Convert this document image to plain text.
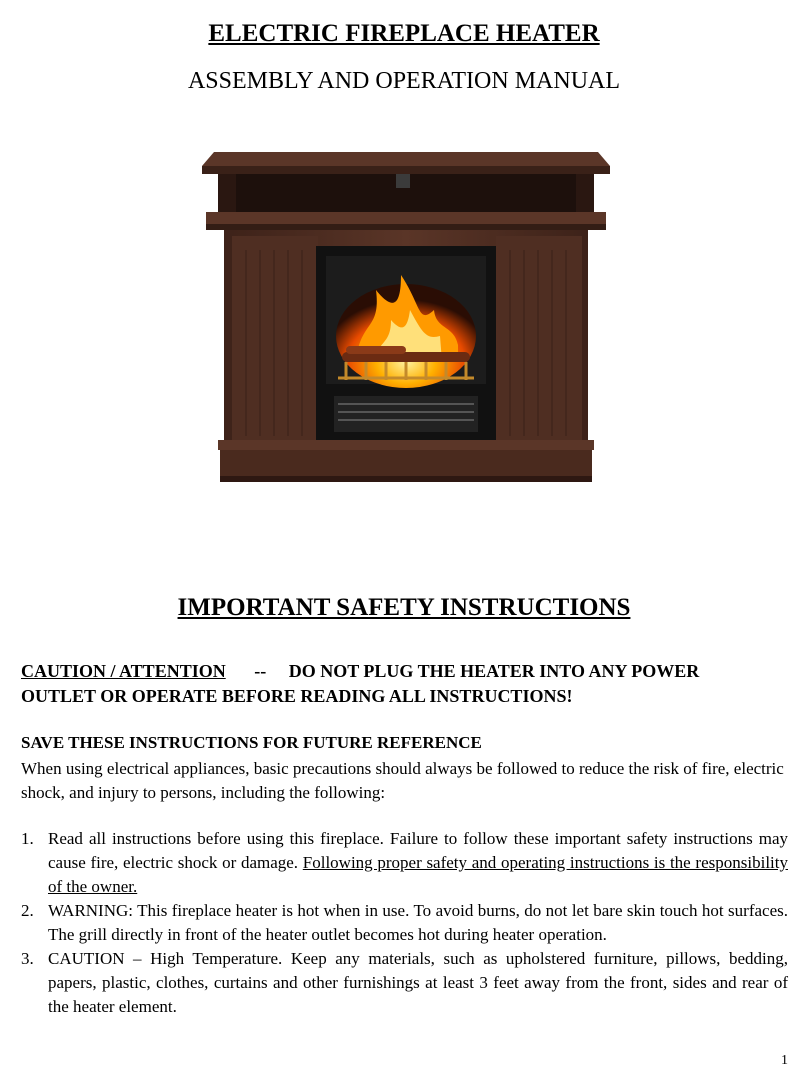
ELECTRIC FIREPLACE HEATER
ASSEMBLY AND OPERATION MANUAL
IMPORTANT SAFETY INSTRUCTIONS
CAUTION / ATTENTION -- DO NOT PLUG THE HEATER INTO ANY POWER
OUTLET OR OPERATE BEFORE READING ALL INSTRUCTIONS!
SAVE THESE INSTRUCTIONS FOR FUTURE REFERENCE
When using electrical appliances, basic precautions should always be followed to reduce the risk of fire, electric shock, and injury to persons, including the following:
1. Read all instructions before using this fireplace. Failure to follow these important safety instructions may cause fire, electric shock or damage. Following proper safety and operating instructions is the responsibility of the owner.
2. WARNING: This fireplace heater is hot when in use. To avoid burns, do not let bare skin touch hot surfaces. The grill directly in front of the heater outlet becomes hot during heater operation.
3. CAUTION – High Temperature. Keep any materials, such as upholstered furniture, pillows, bedding, papers, plastic, clothes, curtains and other furnishings at least 3 feet away from the front, sides and rear of the heater element.
1
